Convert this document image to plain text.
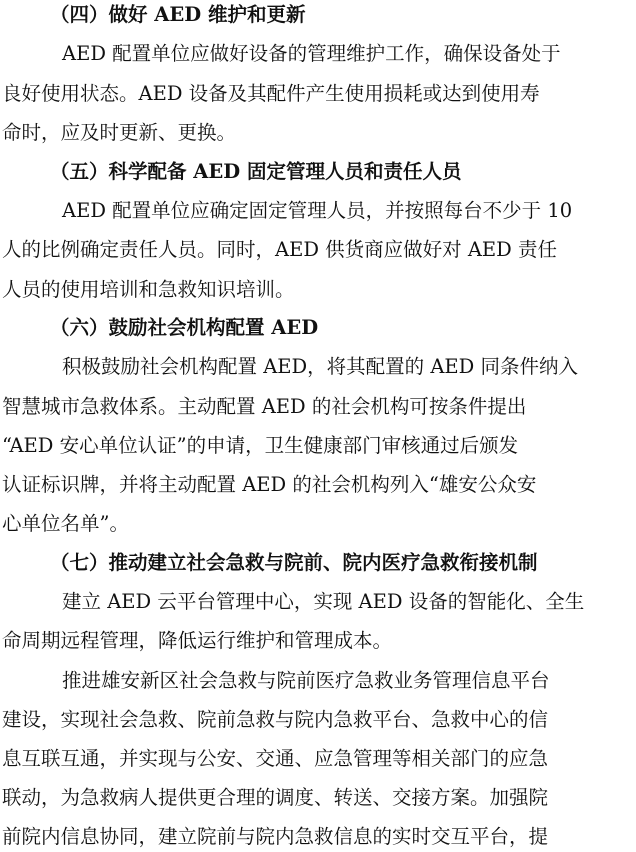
（四）做好 AED 维护和更新
AED 配置单位应做好设备的管理维护工作，确保设备处于
良好使用状态。AED 设备及其配件产生使用损耗或达到使用寿
命时，应及时更新、更换。
（五）科学配备 AED 固定管理人员和责任人员
AED 配置单位应确定固定管理人员，并按照每台不少于 10
人的比例确定责任人员。同时，AED 供货商应做好对 AED 责任
人员的使用培训和急救知识培训。
（六）鼓励社会机构配置 AED
积极鼓励社会机构配置 AED，将其配置的 AED 同条件纳入
智慧城市急救体系。主动配置 AED 的社会机构可按条件提出
“AED 安心单位认证”的申请，卫生健康部门审核通过后颁发
认证标识牌，并将主动配置 AED 的社会机构列入“雄安公众安
心单位名单”。
（七）推动建立社会急救与院前、院内医疗急救衔接机制
建立 AED 云平台管理中心，实现 AED 设备的智能化、全生
命周期远程管理，降低运行维护和管理成本。
推进雄安新区社会急救与院前医疗急救业务管理信息平台
建设，实现社会急救、院前急救与院内急救平台、急救中心的信
息互联互通，并实现与公安、交通、应急管理等相关部门的应急
联动，为急救病人提供更合理的调度、转送、交接方案。加强院
前院内信息协同，建立院前与院内急救信息的实时交互平台，提
